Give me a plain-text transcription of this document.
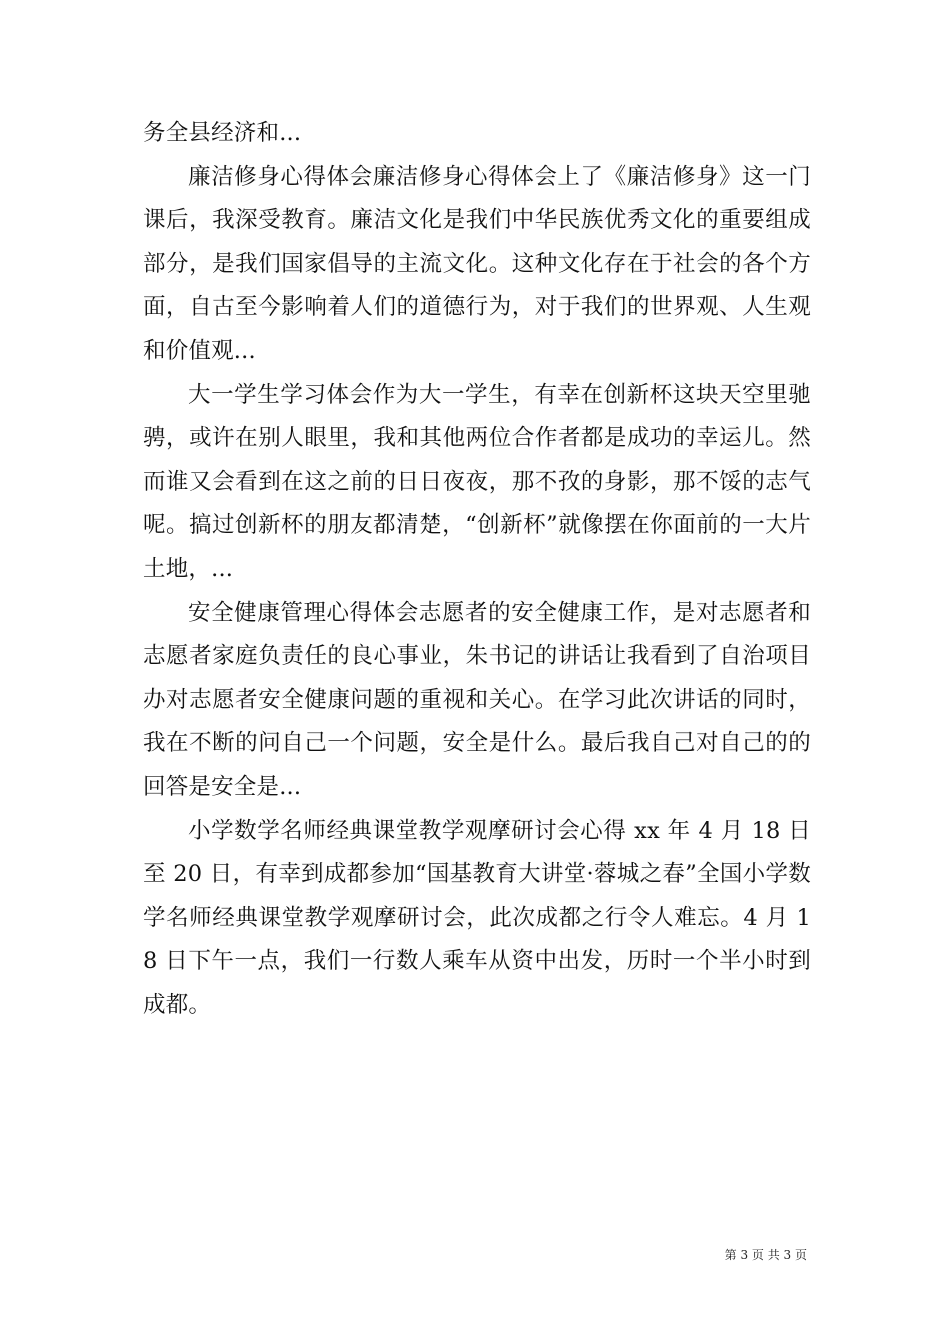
务全县经济和...

廉洁修身心得体会廉洁修身心得体会上了《廉洁修身》这一门课后，我深受教育。廉洁文化是我们中华民族优秀文化的重要组成部分，是我们国家倡导的主流文化。这种文化存在于社会的各个方面，自古至今影响着人们的道德行为，对于我们的世界观、人生观和价值观...

大一学生学习体会作为大一学生，有幸在创新杯这块天空里驰骋，或许在别人眼里，我和其他两位合作者都是成功的幸运儿。然而谁又会看到在这之前的日日夜夜，那不孜的身影，那不馁的志气呢。搞过创新杯的朋友都清楚，“创新杯”就像摆在你面前的一大片土地，...

安全健康管理心得体会志愿者的安全健康工作，是对志愿者和志愿者家庭负责任的良心事业，朱书记的讲话让我看到了自治项目办对志愿者安全健康问题的重视和关心。在学习此次讲话的同时，我在不断的问自己一个问题，安全是什么。最后我自己对自己的的回答是安全是...

小学数学名师经典课堂教学观摩研讨会心得 xx 年 4 月 18 日至 20 日，有幸到成都参加“国基教育大讲堂·蓉城之春”全国小学数学名师经典课堂教学观摩研讨会，此次成都之行令人难忘。4 月 18 日下午一点，我们一行数人乘车从资中出发，历时一个半小时到成都。

第 3 页 共 3 页
